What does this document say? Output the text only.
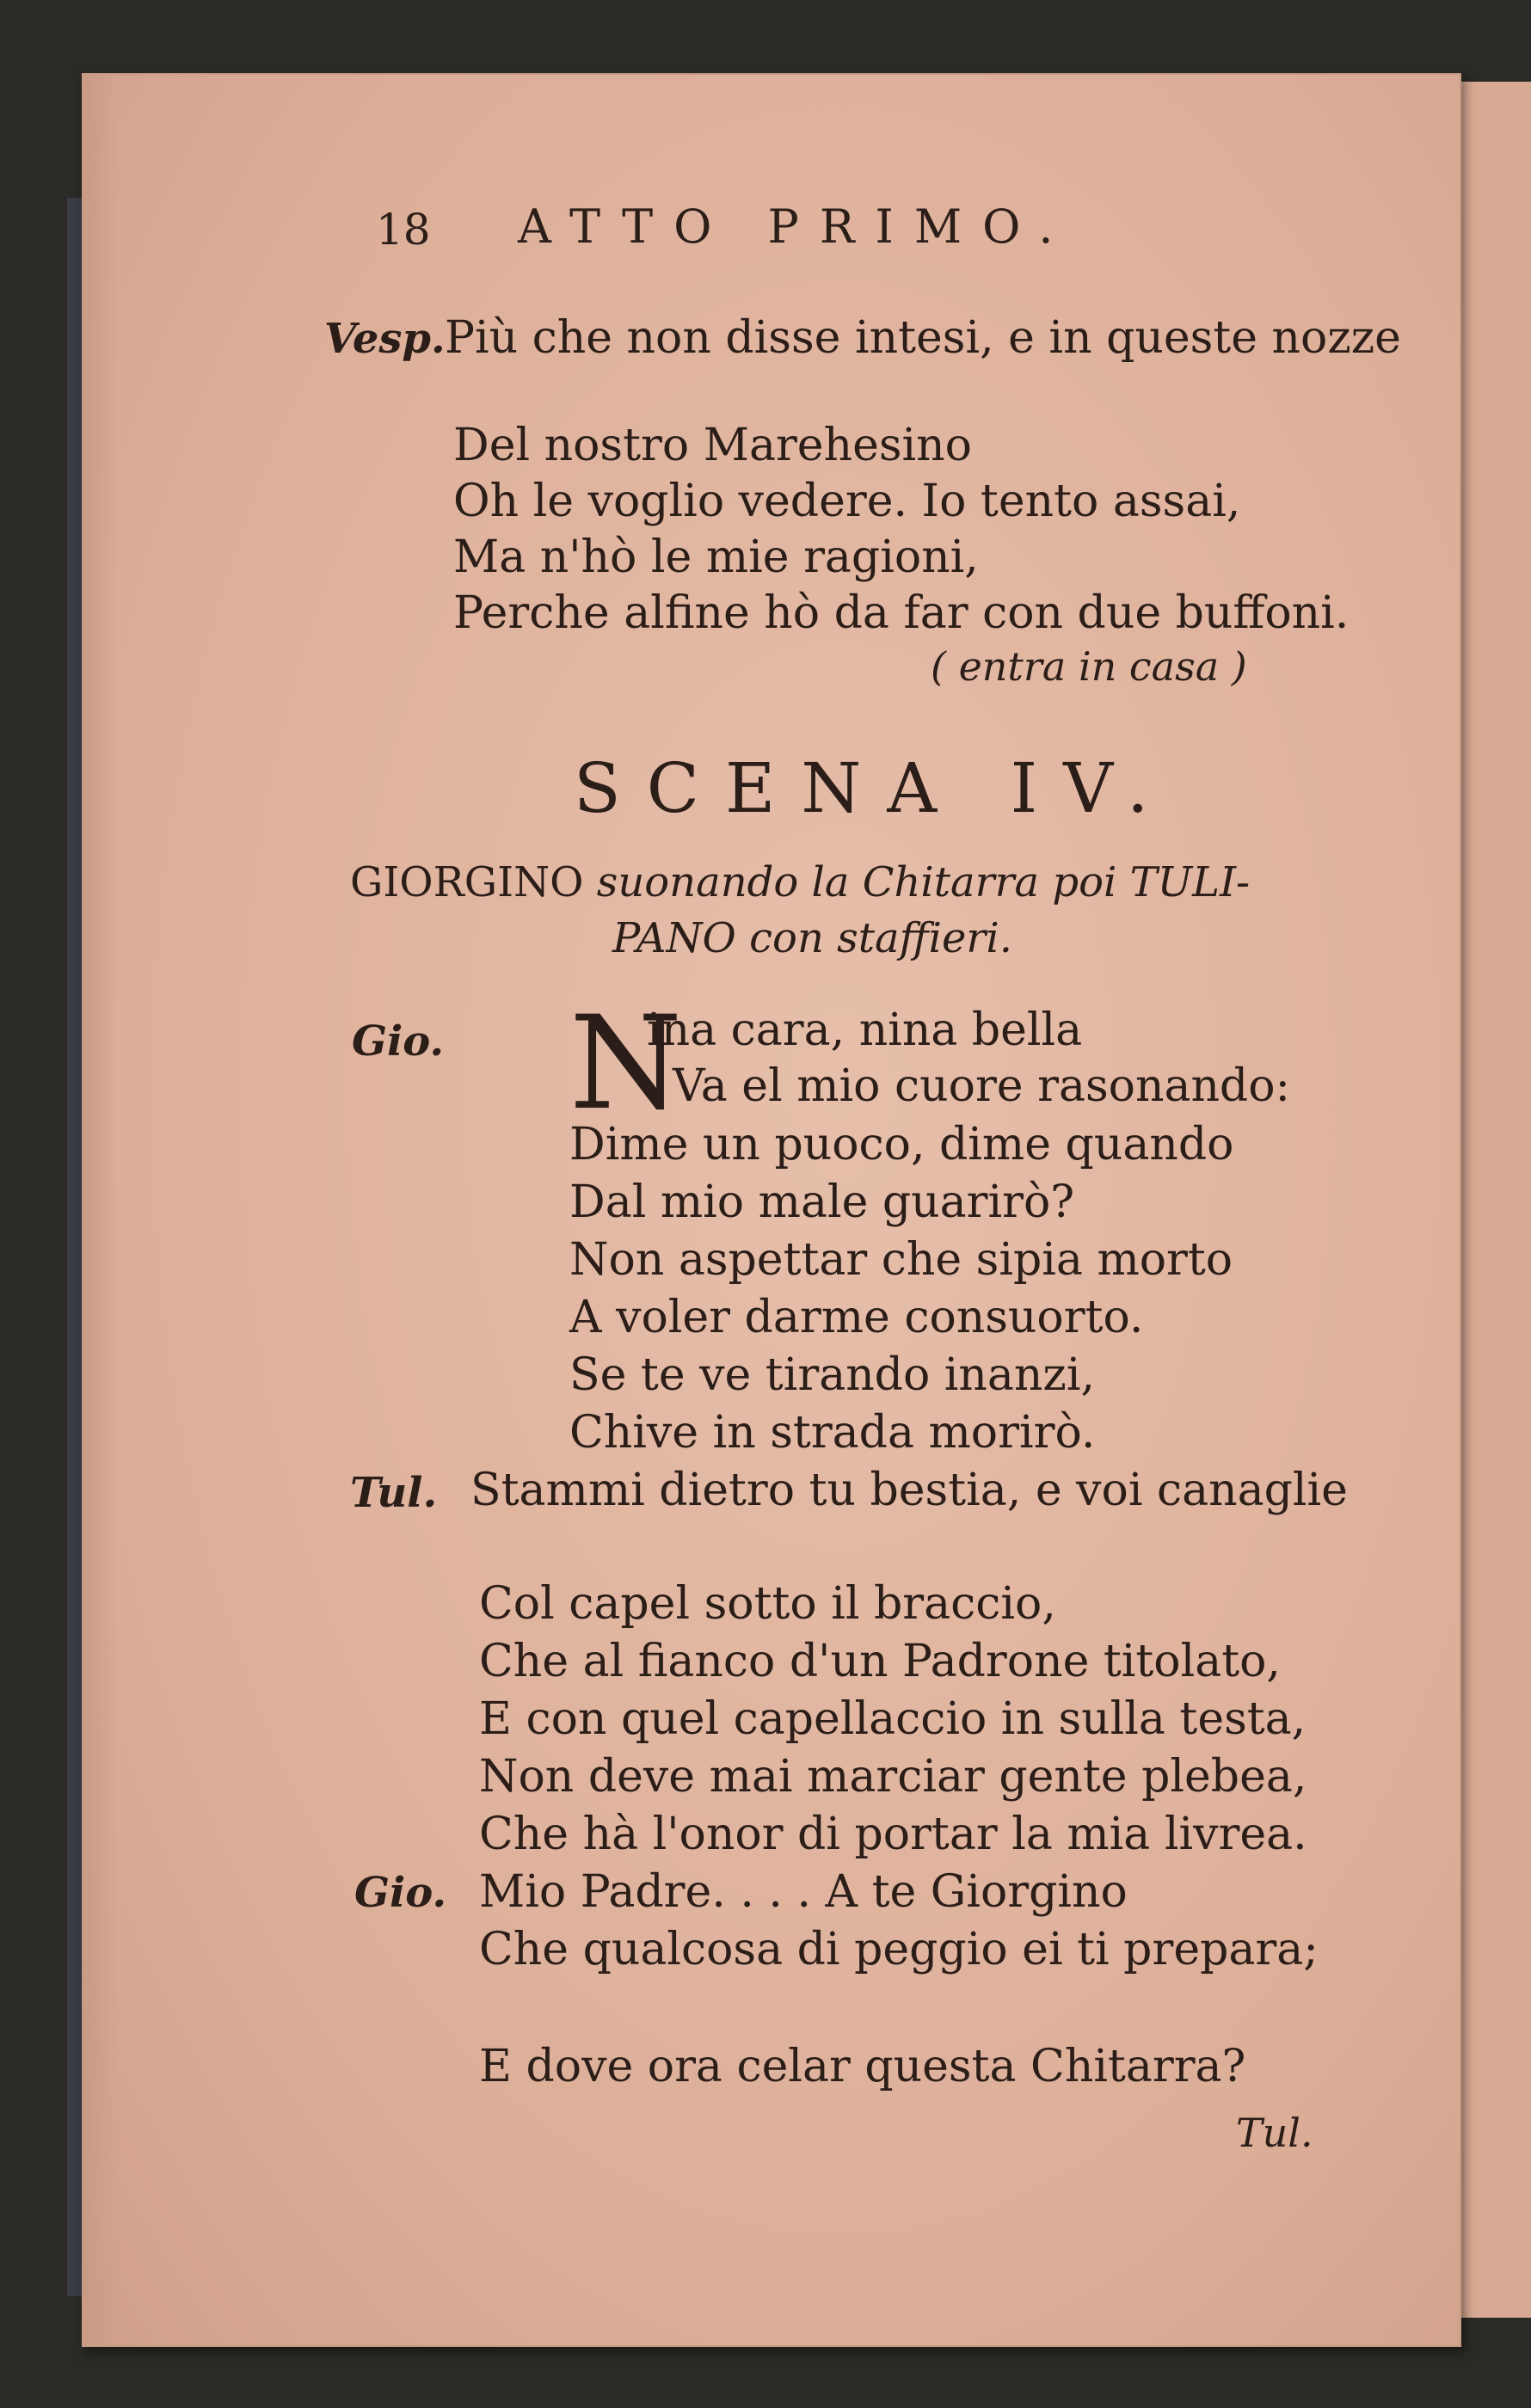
18 ATTO PRIMO.
Vesp. Più che non disse intesi, e in queste nozze
Del nostro Marehesino
Oh le voglio vedere. Io tento assai,
Ma n'hò le mie ragioni,
Perche alfine hò da far con due buffoni.
( entra in casa )
SCENA IV.
GIORGINO suonando la Chitarra poi TULI-
PANO con staffieri.
Gio. N
ina cara, nina bella
Va el mio cuore rasonando:
Dime un puoco, dime quando
Dal mio male guarirò?
Non aspettar che sipia morto
A voler darme consuorto.
Se te ve tirando inanzi,
Chive in strada morirò.
Tul. Stammi dietro tu bestia, e voi canaglie
Col capel sotto il braccio,
Che al fianco d'un Padrone titolato,
E con quel capellaccio in sulla testa,
Non deve mai marciar gente plebea,
Che hà l'onor di portar la mia livrea.
Gio. Mio Padre. . . . A te Giorgino
Che qualcosa di peggio ei ti prepara;
E dove ora celar questa Chitarra?
Tul.
